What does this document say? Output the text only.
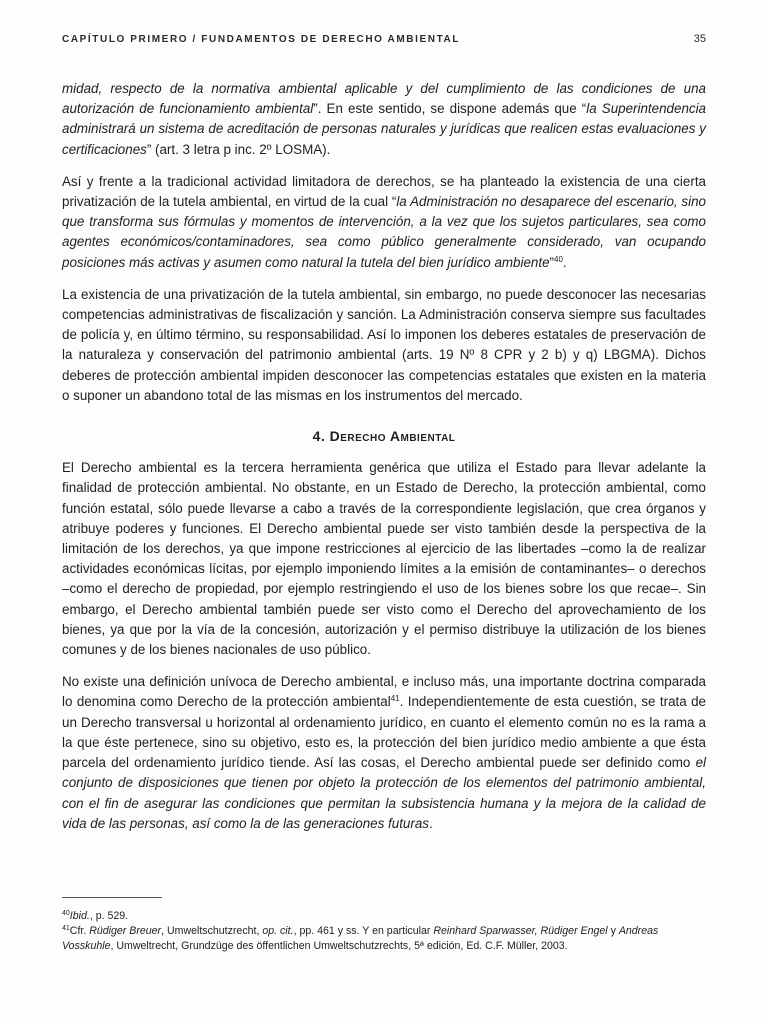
CAPÍTULO PRIMERO / FUNDAMENTOS DE DERECHO AMBIENTAL	35

midad, respecto de la normativa ambiental aplicable y del cumplimiento de las condiciones de una autorización de funcionamiento ambiental”. En este sentido, se dispone además que “la Superintendencia administrará un sistema de acreditación de personas naturales y jurídicas que realicen estas evaluaciones y certificaciones” (art. 3 letra p inc. 2º LOSMA).

Así y frente a la tradicional actividad limitadora de derechos, se ha planteado la existencia de una cierta privatización de la tutela ambiental, en virtud de la cual “la Administración no desaparece del escenario, sino que transforma sus fórmulas y momentos de intervención, a la vez que los sujetos particulares, sea como agentes económicos/contaminadores, sea como público generalmente considerado, van ocupando posiciones más activas y asumen como natural la tutela del bien jurídico ambiente”$^{40}$.

La existencia de una privatización de la tutela ambiental, sin embargo, no puede desconocer las necesarias competencias administrativas de fiscalización y sanción. La Administración conserva siempre sus facultades de policía y, en último término, su responsabilidad. Así lo imponen los deberes estatales de preservación de la naturaleza y conservación del patrimonio ambiental (arts. 19 Nº 8 CPR y 2 b) y q) LBGMA). Dichos deberes de protección ambiental impiden desconocer las competencias estatales que existen en la materia o suponer un abandono total de las mismas en los instrumentos del mercado.

4. Derecho Ambiental

El Derecho ambiental es la tercera herramienta genérica que utiliza el Estado para llevar adelante la finalidad de protección ambiental. No obstante, en un Estado de Derecho, la protección ambiental, como función estatal, sólo puede llevarse a cabo a través de la correspondiente legislación, que crea órganos y atribuye poderes y funciones. El Derecho ambiental puede ser visto también desde la perspectiva de la limitación de los derechos, ya que impone restricciones al ejercicio de las libertades –como la de realizar actividades económicas lícitas, por ejemplo imponiendo límites a la emisión de contaminantes– o derechos –como el derecho de propiedad, por ejemplo restringiendo el uso de los bienes sobre los que recae–. Sin embargo, el Derecho ambiental también puede ser visto como el Derecho del aprovechamiento de los bienes, ya que por la vía de la concesión, autorización y el permiso distribuye la utilización de los bienes comunes y de los bienes nacionales de uso público.

No existe una definición unívoca de Derecho ambiental, e incluso más, una importante doctrina comparada lo denomina como Derecho de la protección ambiental$^{41}$. Independientemente de esta cuestión, se trata de un Derecho transversal u horizontal al ordenamiento jurídico, en cuanto el elemento común no es la rama a la que éste pertenece, sino su objetivo, esto es, la protección del bien jurídico medio ambiente a que ésta parcela del ordenamiento jurídico tiende. Así las cosas, el Derecho ambiental puede ser definido como el conjunto de disposiciones que tienen por objeto la protección de los elementos del patrimonio ambiental, con el fin de asegurar las condiciones que permitan la subsistencia humana y la mejora de la calidad de vida de las personas, así como la de las generaciones futuras.

$^{40}$Ibid., p. 529.

$^{41}$Cfr. Rüdiger Breuer, Umweltschutzrecht, op. cit., pp. 461 y ss. Y en particular Reinhard Sparwasser, Rüdiger Engel y Andreas Vosskuhle, Umweltrecht, Grundzüge des öffentlichen Umweltschutzrechts, 5ª edición, Ed. C.F. Müller, 2003.
